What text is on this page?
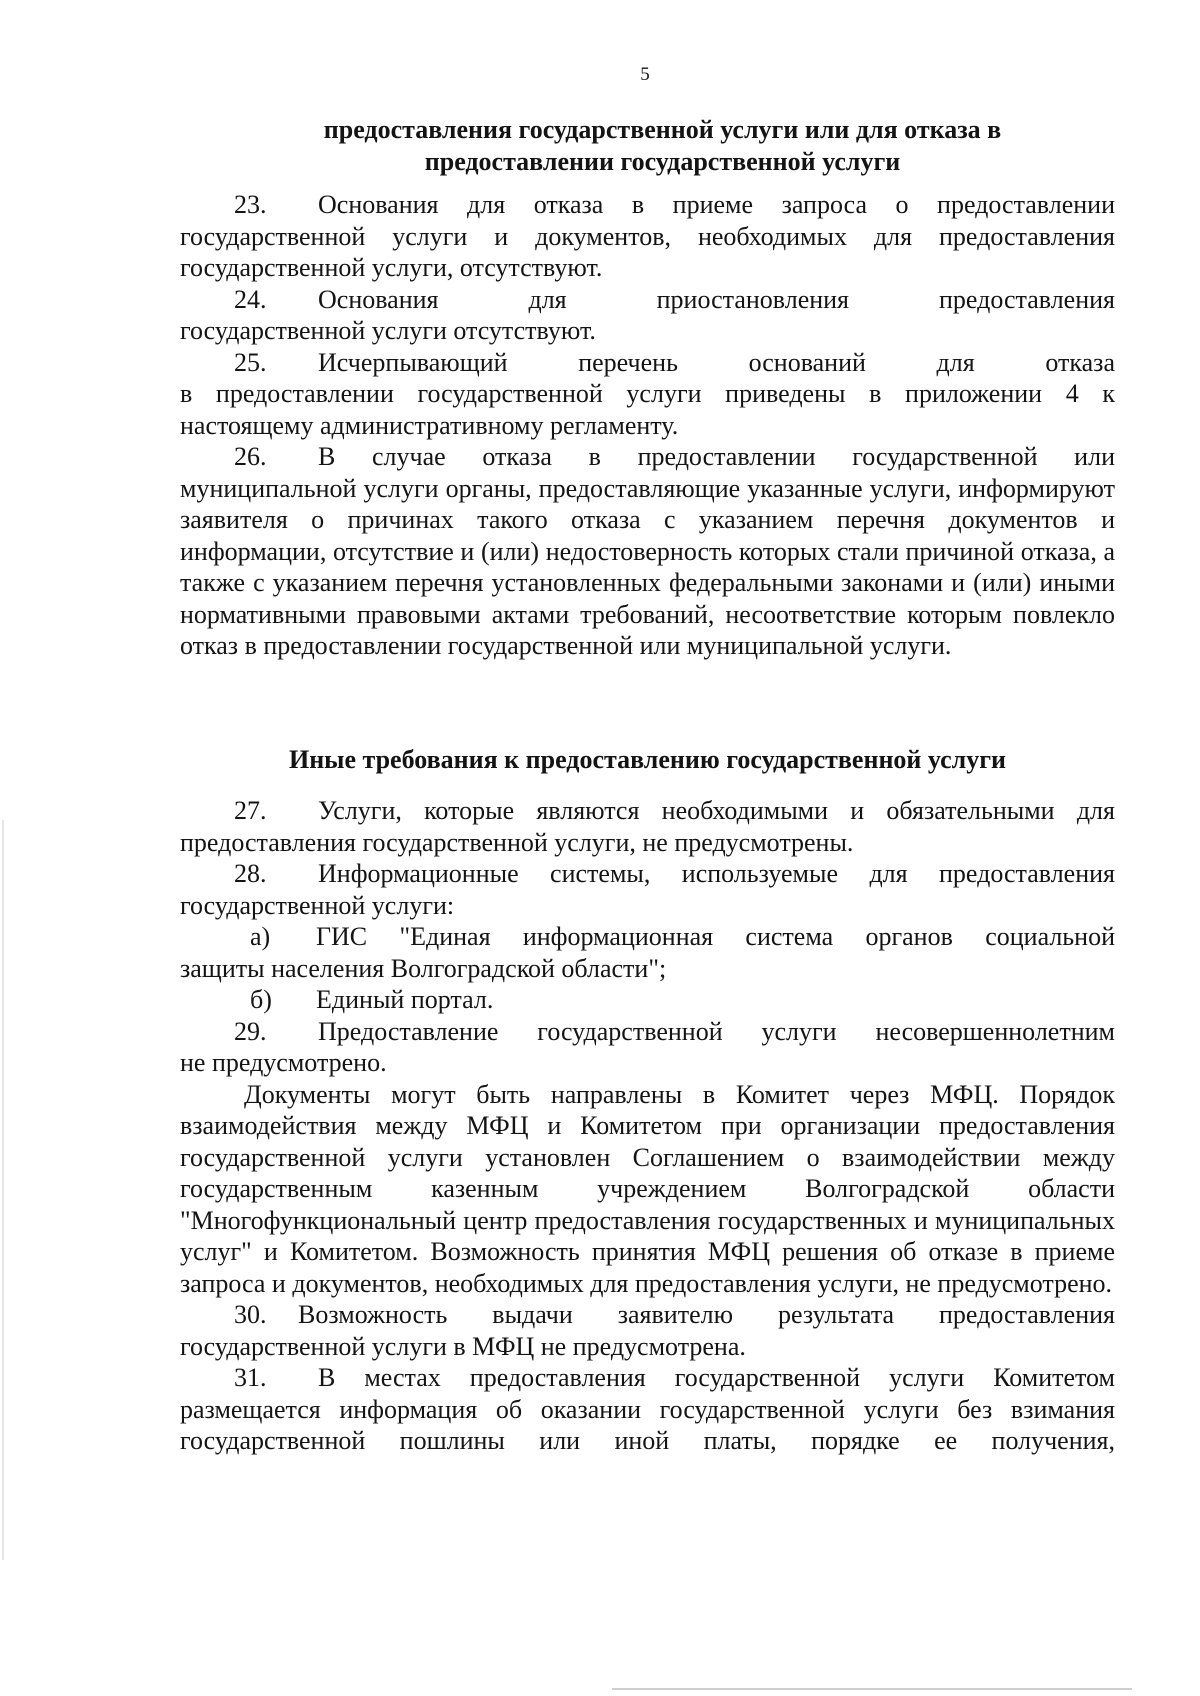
5
предоставления государственной услуги или для отказа в
предоставлении государственной услуги
23. Основания для отказа в приеме запроса о предоставлении
государственной услуги и документов, необходимых для предоставления государственной услуги, отсутствуют.
24. Основания для приостановления предоставления
государственной услуги отсутствуют.
25. Исчерпывающий перечень оснований для отказа
в предоставлении государственной услуги приведены в приложении 4 к настоящему административному регламенту.
26. В случае отказа в предоставлении государственной или
муниципальной услуги органы, предоставляющие указанные услуги, информируют заявителя о причинах такого отказа с указанием перечня документов и информации, отсутствие и (или) недостоверность которых стали причиной отказа, а также с указанием перечня установленных федеральными законами и (или) иными нормативными правовыми актами требований, несоответствие которым повлекло отказ в предоставлении государственной или муниципальной услуги.
Иные требования к предоставлению государственной услуги
27. Услуги, которые являются необходимыми и обязательными для
предоставления государственной услуги, не предусмотрены.
28. Информационные системы, используемые для предоставления
государственной услуги:
а) ГИС "Единая информационная система органов социальной
защиты населения Волгоградской области";
б) Единый портал.
29. Предоставление государственной услуги несовершеннолетним
не предусмотрено.

Документы могут быть направлены в Комитет через МФЦ. Порядок взаимодействия между МФЦ и Комитетом при организации предоставления государственной услуги установлен Соглашением о взаимодействии между государственным казенным учреждением Волгоградской области "Многофункциональный центр предоставления государственных и муниципальных услуг" и Комитетом. Возможность принятия МФЦ решения об отказе в приеме запроса и документов, необходимых для предоставления услуги, не предусмотрено.

30. Возможность выдачи заявителю результата предоставления
государственной услуги в МФЦ не предусмотрена.
31. В местах предоставления государственной услуги Комитетом
размещается информация об оказании государственной услуги без взимания государственной пошлины или иной платы, порядке ее получения,
